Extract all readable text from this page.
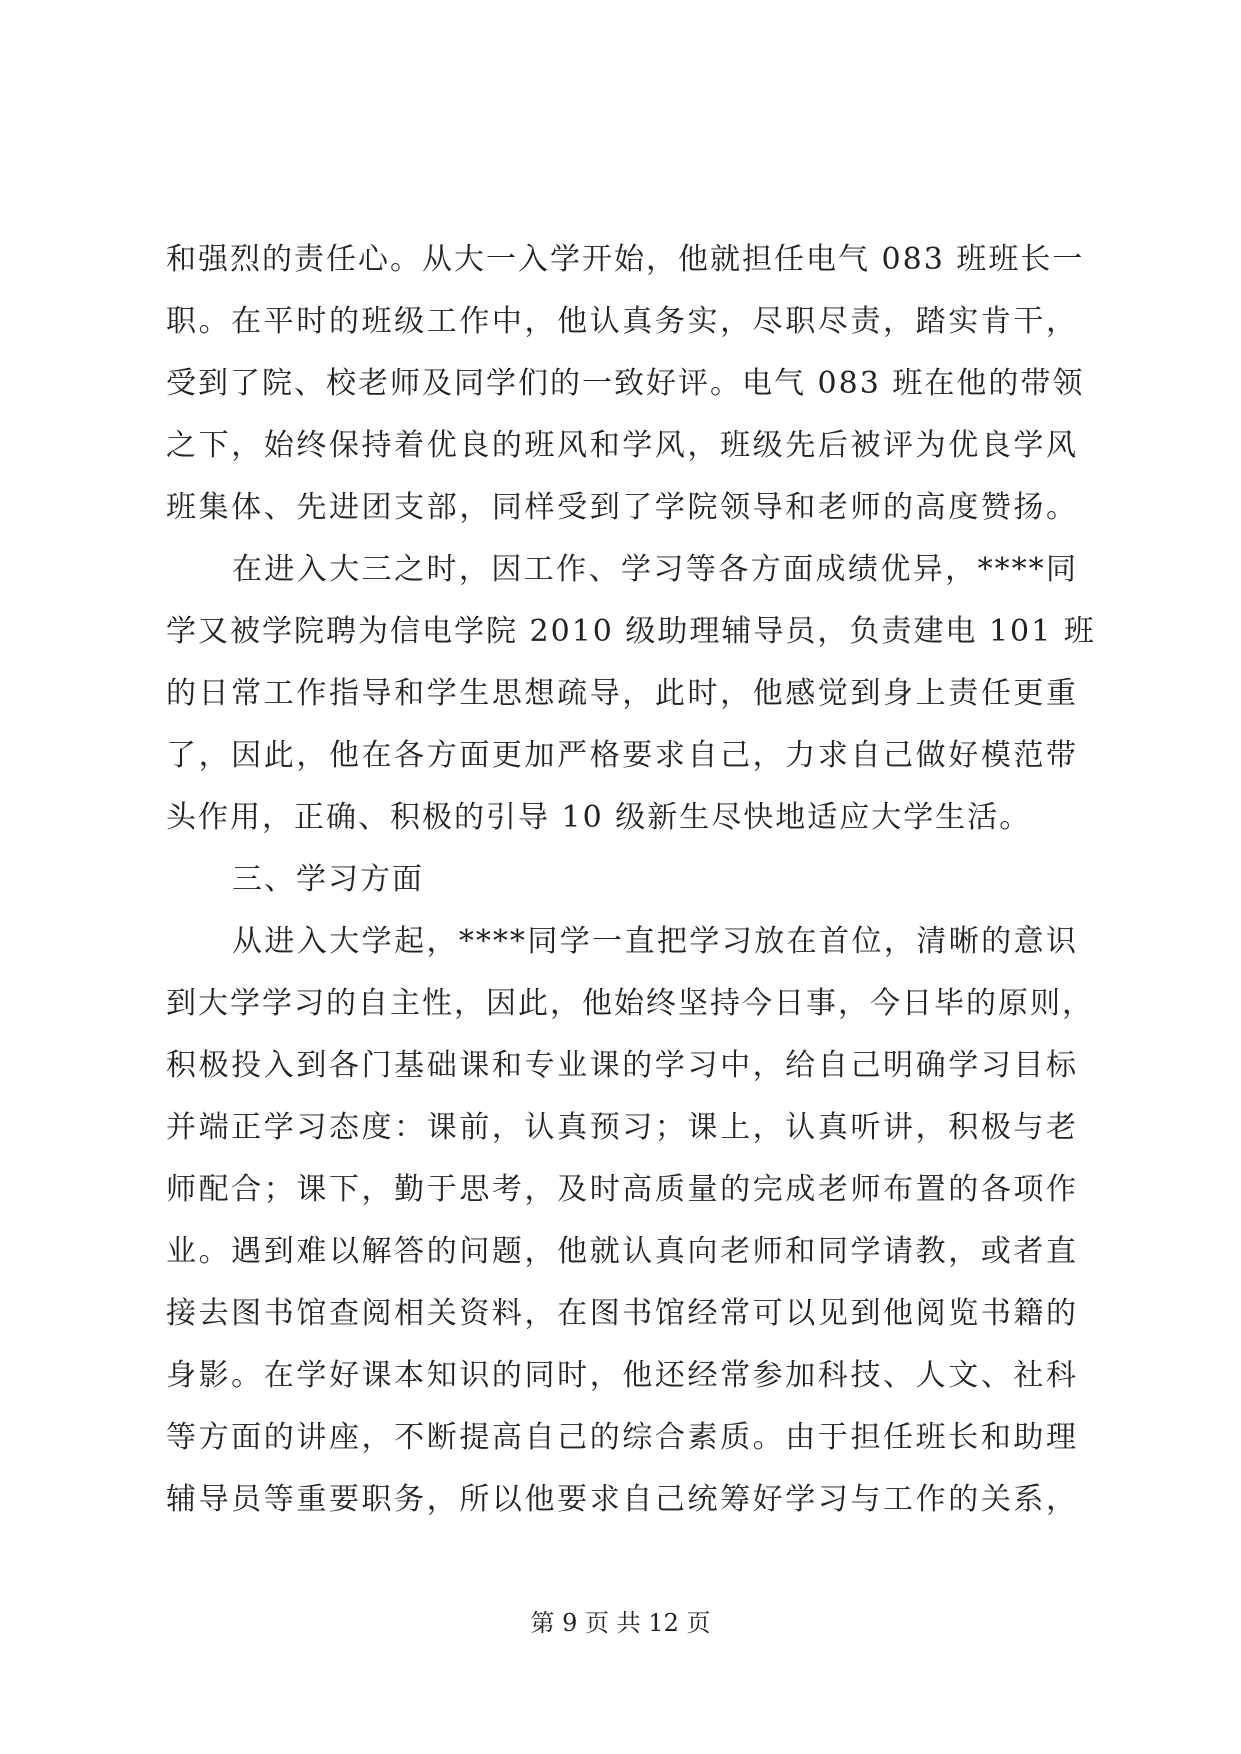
和强烈的责任心。从大一入学开始，他就担任电气 083 班班长一
职。在平时的班级工作中，他认真务实，尽职尽责，踏实肯干，
受到了院、校老师及同学们的一致好评。电气 083 班在他的带领
之下，始终保持着优良的班风和学风，班级先后被评为优良学风
班集体、先进团支部，同样受到了学院领导和老师的高度赞扬。
在进入大三之时，因工作、学习等各方面成绩优异，****同
学又被学院聘为信电学院 2010 级助理辅导员，负责建电 101 班
的日常工作指导和学生思想疏导，此时，他感觉到身上责任更重
了，因此，他在各方面更加严格要求自己，力求自己做好模范带
头作用，正确、积极的引导 10 级新生尽快地适应大学生活。
三、学习方面
从进入大学起，****同学一直把学习放在首位，清晰的意识
到大学学习的自主性，因此，他始终坚持今日事，今日毕的原则，
积极投入到各门基础课和专业课的学习中，给自己明确学习目标
并端正学习态度：课前，认真预习；课上，认真听讲，积极与老
师配合；课下，勤于思考，及时高质量的完成老师布置的各项作
业。遇到难以解答的问题，他就认真向老师和同学请教，或者直
接去图书馆查阅相关资料，在图书馆经常可以见到他阅览书籍的
身影。在学好课本知识的同时，他还经常参加科技、人文、社科
等方面的讲座，不断提高自己的综合素质。由于担任班长和助理
辅导员等重要职务，所以他要求自己统筹好学习与工作的关系，
第 9 页 共 12 页
